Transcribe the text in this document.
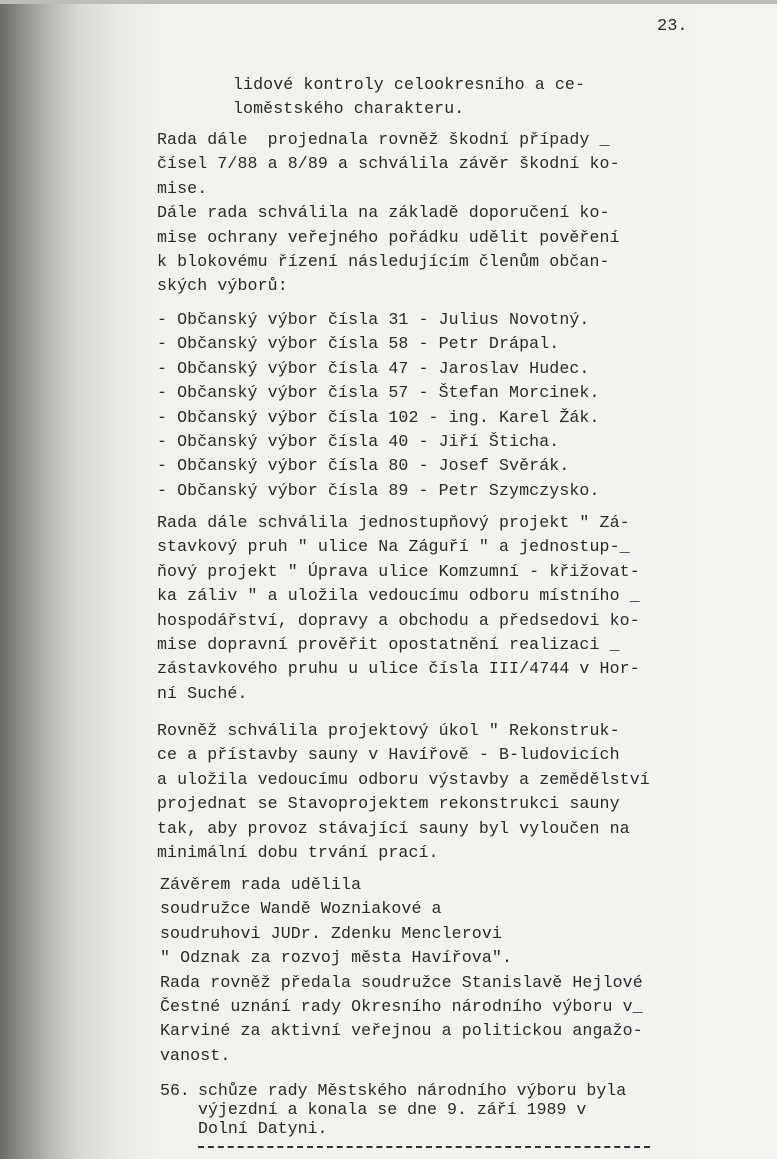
23.
lidové kontroly celookresního a ce-
loměstského charakteru.
Rada dále  projednala rovněž škodní případy _
čísel 7/88 a 8/89 a schválila závěr škodní ko-
mise.
Dále rada schválila na základě doporučení ko-
mise ochrany veřejného pořádku udělit pověření
k blokovému řízení následujícím členům občan-
ských výborů:
- Občanský výbor čísla 31 - Julius Novotný.
- Občanský výbor čísla 58 - Petr Drápal.
- Občanský výbor čísla 47 - Jaroslav Hudec.
- Občanský výbor čísla 57 - Štefan Morcinek.
- Občanský výbor čísla 102 - ing. Karel Žák.
- Občanský výbor čísla 40 - Jiří Šticha.
- Občanský výbor čísla 80 - Josef Svěrák.
- Občanský výbor čísla 89 - Petr Szymczysko.
Rada dále schválila jednostupňový projekt " Zá-
stavkový pruh " ulice Na Záguří " a jednostup-_
ňový projekt " Úprava ulice Komzumní - křižovat-
ka záliv " a uložila vedoucímu odboru místního _
hospodářství, dopravy a obchodu a předsedovi ko-
mise dopravní prověřit opostatnění realizaci _
zástavkového pruhu u ulice čísla III/4744 v Hor-
ní Suché.
Rovněž schválila projektový úkol " Rekonstruk-
ce a přístavby sauny v Havířově - B-ludovicích
a uložila vedoucímu odboru výstavby a zemědělství
projednat se Stavoprojektem rekonstrukci sauny
tak, aby provoz stávající sauny byl vyloučen na
minimální dobu trvání prací.
Závěrem rada udělila
soudružce Wandě Wozniakové a
soudruhovi JUDr. Zdenku Menclerovi
" Odznak za rozvoj města Havířova".
Rada rovněž předala soudružce Stanislavě Hejlové
Čestné uznání rady Okresního národního výboru v_
Karviné za aktivní veřejnou a politickou angažo-
vanost.
56. schůze rady Městského národního výboru byla
výjezdní a konala se dne 9. září 1989 v
Dolní Datyni.
